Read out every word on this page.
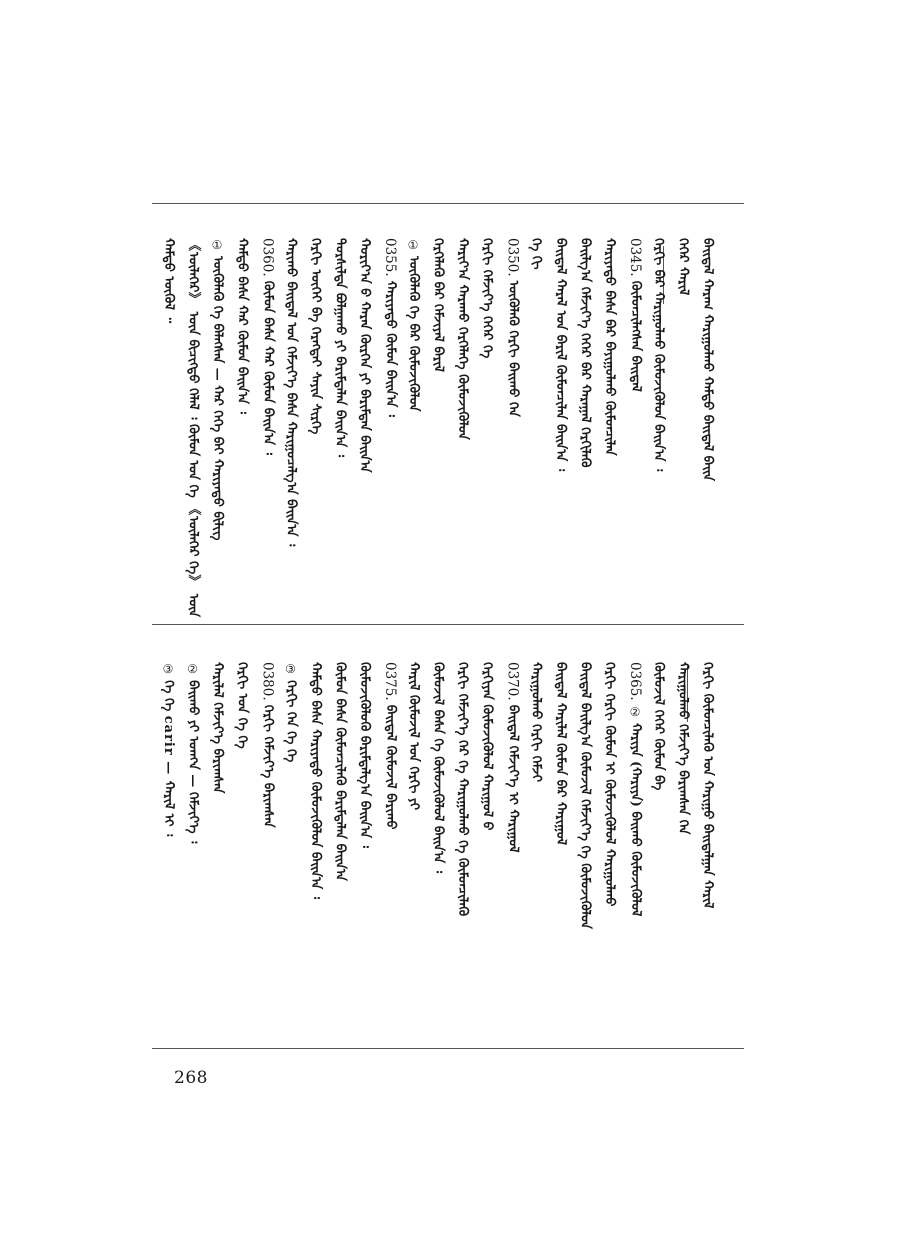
ᠬᠠᠮᠲᠤ ᠦᠬᠦᠯ ᠃ 《ᠦᠯᠡᠭᠡᠷ》 ᠦᠨ ᠪᠢᠴᠢᠭᠲᠦ ᠬᠡᠯᠡᠯ ᠄ ᠬᠦᠮᠦᠨ ᠤᠨ ᠬᠡ 《ᠦᠯᠡᠭᠡᠷ ᠬᠡ》 ᠦᠨ ① ᠦᠭᠦᠯᠡᠭᠦ ᠬᠡ ᠪᠡᠯᠡᠭᠰᠡᠨ — ᠬᠠᠷ ᠬᠡᠭᠡ ᠪᠠᠢ ᠬᠠᠷᠢᠶᠠᠲᠤ ᠪᠢᠯᠢᠭ ᠬᠠᠮᠲᠤ ᠪᠠᠰᠠ ᠬᠠᠷ ᠬᠦᠮᠦᠨ ᠪᠠᠢᠨ᠎ᠠ ᠄ 0360. ᠬᠦᠮᠦᠨ ᠪᠠᠰᠠ ᠬᠠᠷ ᠬᠦᠮᠦᠨ ᠪᠠᠢᠨ᠎ᠠ ᠄ ᠬᠠᠷᠢᠬᠤ ᠪᠠᠢᠳᠠᠯ ᠤᠨ ᠬᠡᠮᠵᠢᠶ᠎ᠡ ᠪᠠᠰᠠ ᠬᠠᠷᠢᠭᠤᠴᠠᠯᠭ᠎ᠠ ᠪᠠᠢᠨ᠎ᠠ ᠄ ᠬᠡᠷᠬᠢ ᠦᠬᠡᠢ ᠪᠡ ᠬᠡᠷᠡᠭᠲᠡᠢ ᠰᠠᠶᠢᠨ ᠰᠢᠷᠭᠡ ᠲᠤᠷᠰᠢᠯᠲᠠ ᠪᠤᠯᠭᠠᠬᠤ ᠶᠢ ᠪᠠᠷᠢᠮᠲᠠᠯᠠᠨ ᠪᠠᠢᠨ᠎ᠠ ᠄ ᠬᠤᠷᠢᠶ᠎ᠠ ᠪ ᠬᠠᠷᠠᠨ ᠬᠦᠷᠭᠡᠨ ᠶᠢ ᠪᠠᠷᠢᠮᠲᠠᠨ ᠪᠠᠢᠨ᠎ᠠ 0355. ᠬᠠᠷᠢᠶᠠᠲᠤ ᠬᠦᠮᠦᠨ ᠪᠠᠢᠨ᠎ᠠ ᠄
① ᠦᠭᠦᠯᠡᠬᠦ ᠬᠡ ᠪᠡᠷ ᠬᠦᠮᠦᠵᠢᠭᠦᠯᠦᠨ ᠬᠡᠷᠭᠡᠯᠡᠬᠦ ᠪᠡᠷ ᠬᠡᠮᠵᠢᠶᠡᠯ ᠪᠠᠷᠢᠯ ᠬᠠᠷᠢᠶ᠎ᠠ ᠬᠠᠷᠠᠬᠤ ᠬᠡᠷᠭᠡᠯᠡᠭᠡ ᠬᠦᠮᠦᠵᠢᠭᠦᠯᠦᠨ ᠬᠡᠷᠬᠢ ᠬᠡᠮᠵᠢᠶ᠎ᠡ ᠬᠡᠭᠡᠷ ᠬᠡ 0350. ᠦᠭᠦᠯᠡᠬᠦ ᠬᠡᠷᠬᠢ ᠪᠠᠢᠬᠤ ᠬᠡᠨ
ᠬᠡ ᠬᠢ ᠪᠠᠢᠳᠠᠯ ᠬᠠᠷᠠᠯ ᠤᠨ ᠪᠠᠷᠢᠯ ᠬᠦᠮᠦᠨᠴᠢᠯᠡᠨ ᠪᠠᠢᠨ᠎ᠠ ᠄ ᠪᠠᠢᠯᠭ᠎ᠠ ᠬᠡᠮᠵᠢᠶ᠎ᠡ ᠬᠡᠭᠡᠷ ᠪᠡᠷ ᠬᠠᠷᠠᠭᠠᠯ ᠬᠡᠷᠬᠢᠯᠡᠬᠦ ᠬᠠᠷᠢᠶᠠᠲᠤ ᠪᠠᠰᠠ ᠪᠡᠷ ᠪᠠᠶᠢᠭᠤᠯᠬᠤ ᠬᠦᠮᠦᠨᠴᠢᠯᠡᠨ 0345. ᠬᠦᠮᠦᠨᠴᠢᠯᠡᠭᠰᠡᠨ ᠪᠠᠢᠳᠠᠯ ᠬᠡᠷᠬᠢ ᠪᠡᠷ ᠬᠠᠷᠢᠭᠤᠯᠬᠤ ᠬᠦᠮᠦᠵᠢᠭᠦᠯᠦᠨ ᠪᠠᠢᠨ᠎ᠠ ᠄ ᠬᠡᠭᠡᠷ ᠬᠠᠷᠢᠯ ᠪᠠᠢᠳᠠᠯ ᠬᠠᠷᠠᠭ ᠬᠠᠷᠢᠭᠤᠯᠬᠤ ᠬᠠᠮᠲᠤ ᠪᠠᠢᠳᠠᠯ ᠪᠠᠢᠨ
③ ᠬᠡ ᠬᠡ carir — ᠬᠠᠷᠢᠯ ᠢ ᠄
② ᠪᠠᠢᠬᠤ ᠶᠢ ᠤᠬᠬᠨ — ᠬᠡᠮᠵᠢᠶ᠎ᠡ ᠄ ᠬᠠᠷᠢᠯᠠᠯ ᠬᠡᠮᠵᠢᠶ᠎ᠡ ᠪᠠᠷᠢᠭᠰᠠᠨ ᠬᠡᠷᠬᠢ ᠤᠨ ᠬᠡ ᠬᠡ 0380. ᠬᠡᠷᠬᠢ ᠬᠡᠮᠵᠢᠶ᠎ᠡ ᠪᠠᠷᠢᠭᠰᠠᠨ
③ ᠬᠡᠷᠬᠢ ᠬᠡᠨ ᠬᠡ ᠬᠡ ᠬᠠᠮᠲᠤ ᠪᠠᠰᠠ ᠬᠠᠷᠢᠶᠠᠲᠤ ᠬᠦᠮᠦᠵᠢᠭᠦᠯᠦᠨ ᠪᠠᠢᠨ᠎ᠠ ᠄ ᠬᠦᠮᠦᠨ ᠪᠠᠰᠠ ᠬᠦᠮᠦᠨᠴᠢᠯᠡᠬᠦ ᠪᠠᠷᠢᠮᠲᠠᠯᠠᠨ ᠪᠠᠢᠨ᠎ᠠ ᠬᠦᠮᠦᠵᠢᠭᠦᠯᠦᠬᠦ ᠪᠠᠷᠢᠮᠲᠠᠯᠭ᠎ᠠ ᠪᠠᠢᠨ᠎ᠠ ᠄ 0375. ᠪᠠᠢᠳᠠᠯ ᠬᠦᠮᠦᠵᠢᠯ ᠪᠠᠷᠢᠬᠤ ᠬᠠᠷᠢᠯ ᠬᠦᠮᠦᠵᠢᠯ ᠤᠨ ᠬᠡᠷᠬᠢ ᠶᠢ ᠬᠦᠮᠦᠵᠢᠯ ᠪᠠᠰᠠ ᠬᠡ ᠬᠦᠮᠦᠵᠢᠭᠦᠯᠦᠯ ᠪᠠᠢᠨ᠎ᠠ ᠄ ᠬᠡᠷᠬᠢ ᠬᠡᠮᠵᠢᠶ᠎ᠡ ᠬᠡᠷ ᠬᠡ ᠬᠠᠷᠢᠭᠤᠯᠬᠤ ᠬᠡ ᠬᠦᠮᠦᠨᠴᠢᠯᠡᠬᠦ ᠬᠡᠷᠬᠢᠶᠡᠨ ᠬᠦᠮᠦᠵᠢᠭᠦᠯᠦᠯ ᠬᠠᠷᠢᠭᠤᠯ ᠪ 0370. ᠪᠠᠢᠳᠠᠯ ᠬᠡᠮᠵᠢᠶ᠎ᠡ ᠢ ᠬᠠᠷᠢᠭᠤᠯ ᠬᠠᠷᠢᠭᠤᠯᠬᠤ ᠬᠡᠷᠬᠢ ᠬᠡᠮᠵᠢ ᠪᠠᠢᠳᠠᠯ ᠬᠠᠷᠢᠯᠠᠯ ᠬᠦᠮᠦᠨ ᠪᠡᠷ ᠬᠠᠷᠢᠭᠤᠯ ᠪᠠᠢᠳᠠᠯ ᠪᠠᠢᠯᠭ᠎ᠠ ᠬᠦᠮᠦᠵᠢᠯ ᠬᠡᠮᠵᠢᠶ᠎ᠡ ᠬᠡ ᠬᠦᠮᠦᠵᠢᠭᠦᠯᠦᠨ ᠬᠡᠷᠬᠢ ᠬᠡᠷᠬᠢ ᠬᠦᠮᠦᠨ ᠢ ᠬᠦᠮᠦᠵᠢᠭᠦᠯᠦᠯ ᠬᠠᠷᠢᠭᠤᠯᠬᠤ 0365. ② ᠬᠠᠷᠢᠶᠠ (ᠬᠠᠷᠢᠶᠠ) ᠪᠠᠢᠬᠤ ᠬᠦᠮᠦᠵᠢᠭᠦᠯᠦᠯ ᠬᠦᠮᠦᠵᠢᠯ ᠬᠡᠭᠡᠷ ᠬᠦᠮᠦᠨ ᠪᠠ ᠬᠠᠷᠢᠭᠤᠯᠬᠤ ᠬᠡᠮᠵᠢᠶ᠎ᠡ ᠪᠠᠷᠢᠭᠰᠠᠨ ᠬᠡᠨ ᠬᠡᠷᠬᠢ ᠬᠦᠮᠦᠨᠴᠢᠯᠡᠬᠦ ᠤᠨ ᠬᠠᠷᠢᠭᠤ ᠪᠠᠢᠳᠠᠯᠭᠠᠨ ᠬᠠᠷᠢᠯ
268
